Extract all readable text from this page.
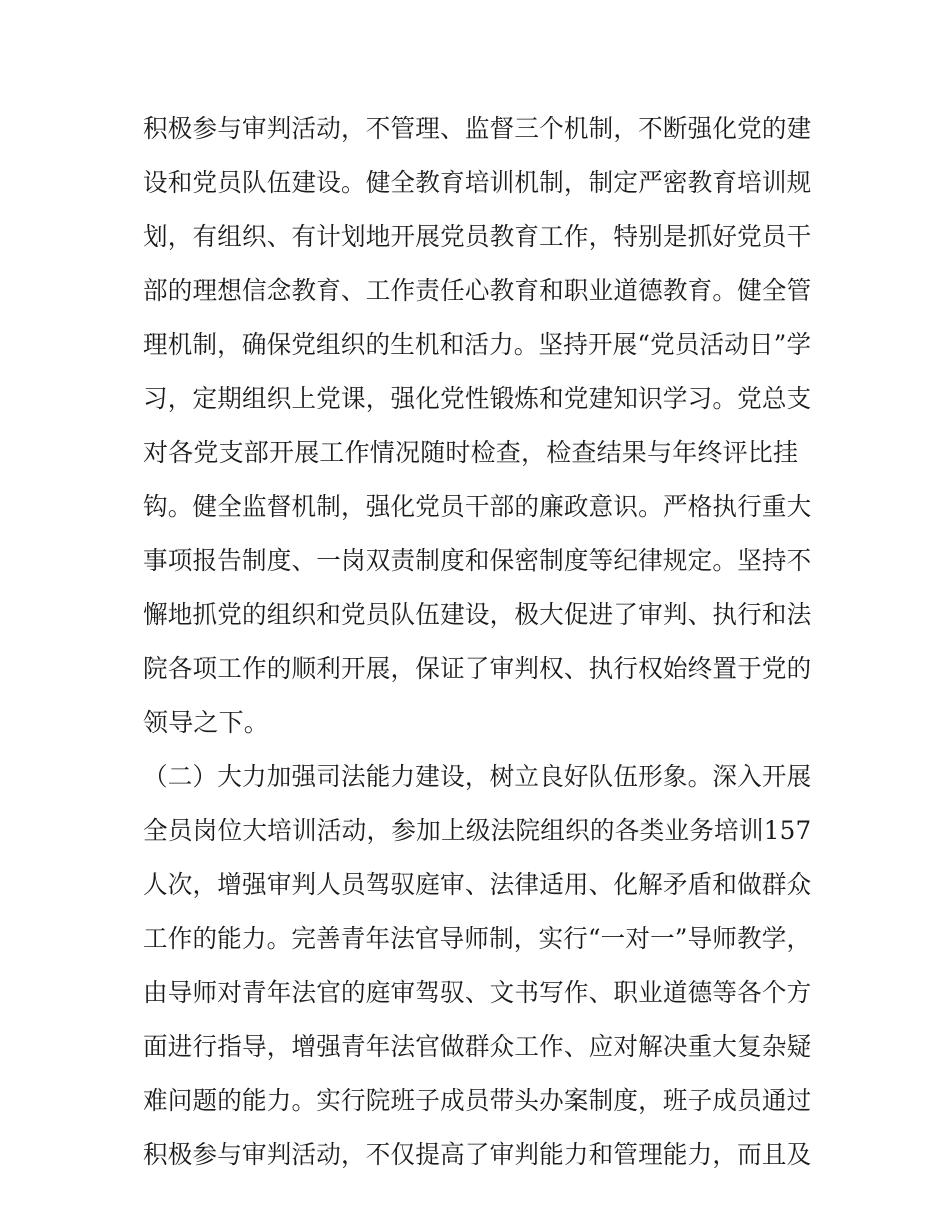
积极参与审判活动，不管理、监督三个机制，不断强化党的建
设和党员队伍建设。健全教育培训机制，制定严密教育培训规
划，有组织、有计划地开展党员教育工作，特别是抓好党员干
部的理想信念教育、工作责任心教育和职业道德教育。健全管
理机制，确保党组织的生机和活力。坚持开展“党员活动日”学
习，定期组织上党课，强化党性锻炼和党建知识学习。党总支
对各党支部开展工作情况随时检查，检查结果与年终评比挂
钩。健全监督机制，强化党员干部的廉政意识。严格执行重大
事项报告制度、一岗双责制度和保密制度等纪律规定。坚持不
懈地抓党的组织和党员队伍建设，极大促进了审判、执行和法
院各项工作的顺利开展，保证了审判权、执行权始终置于党的
领导之下。
（二）大力加强司法能力建设，树立良好队伍形象。深入开展
全员岗位大培训活动，参加上级法院组织的各类业务培训157
人次，增强审判人员驾驭庭审、法律适用、化解矛盾和做群众
工作的能力。完善青年法官导师制，实行“一对一”导师教学，
由导师对青年法官的庭审驾驭、文书写作、职业道德等各个方
面进行指导，增强青年法官做群众工作、应对解决重大复杂疑
难问题的能力。实行院班子成员带头办案制度，班子成员通过
积极参与审判活动，不仅提高了审判能力和管理能力，而且及
